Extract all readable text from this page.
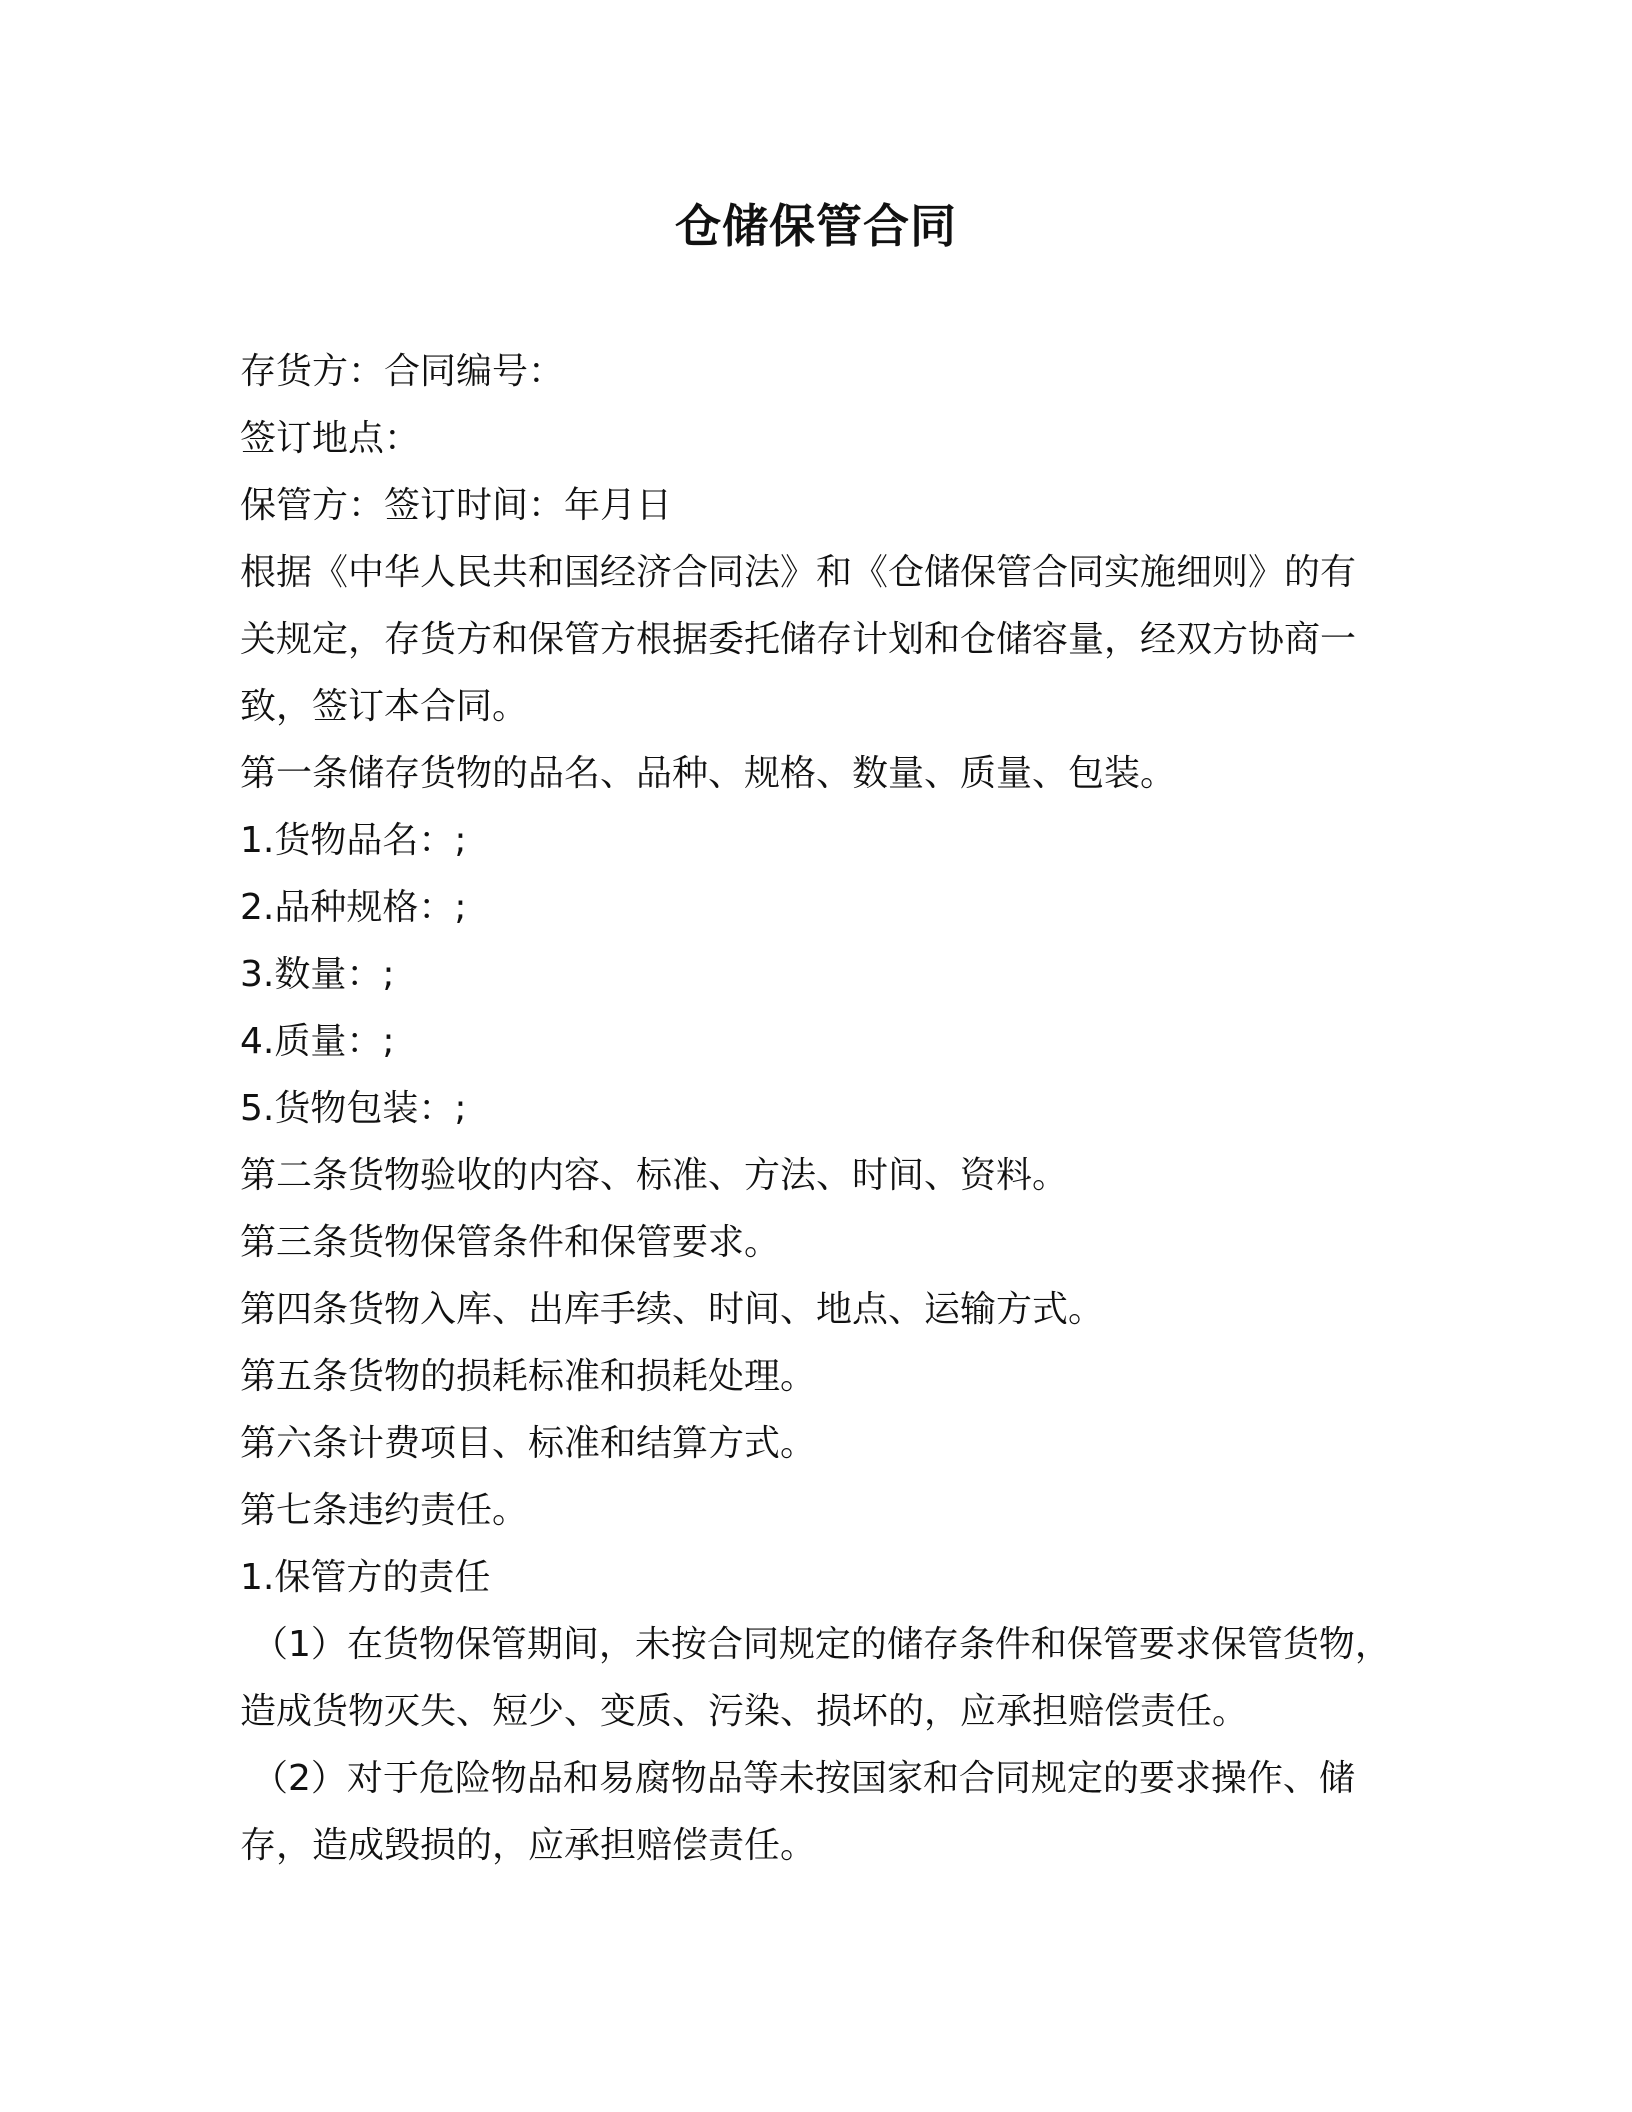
仓储保管合同

存货方：合同编号：

签订地点：

保管方：签订时间：年月日

根据《中华人民共和国经济合同法》和《仓储保管合同实施细则》的有

关规定，存货方和保管方根据委托储存计划和仓储容量，经双方协商一

致，签订本合同。

第一条储存货物的品名、品种、规格、数量、质量、包装。

1.货物品名：;

2.品种规格：;

3.数量：;

4.质量：;

5.货物包装：;

第二条货物验收的内容、标准、方法、时间、资料。

第三条货物保管条件和保管要求。

第四条货物入库、出库手续、时间、地点、运输方式。

第五条货物的损耗标准和损耗处理。

第六条计费项目、标准和结算方式。

第七条违约责任。

1.保管方的责任

（1）在货物保管期间，未按合同规定的储存条件和保管要求保管货物，

造成货物灭失、短少、变质、污染、损坏的，应承担赔偿责任。

（2）对于危险物品和易腐物品等未按国家和合同规定的要求操作、储

存，造成毁损的，应承担赔偿责任。
